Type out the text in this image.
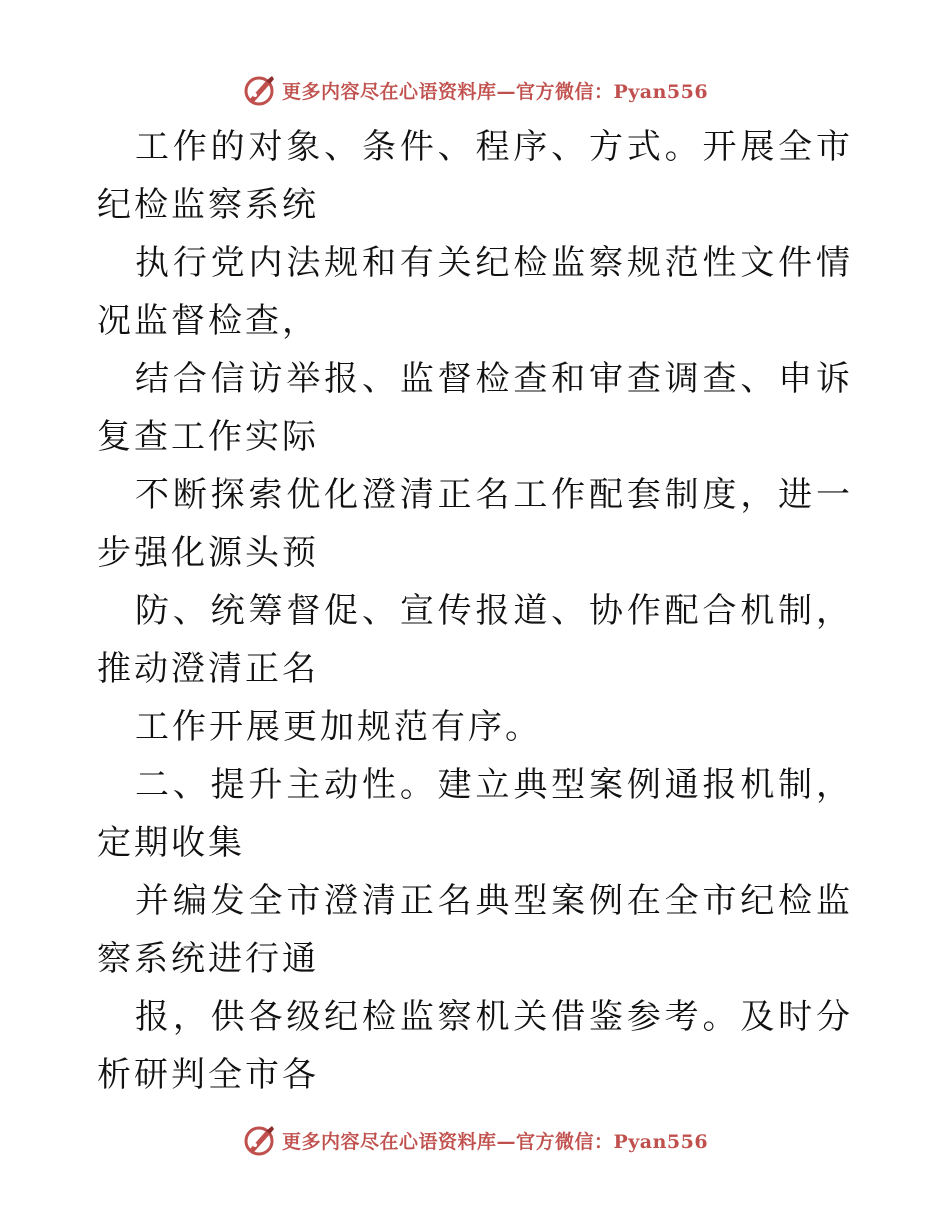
更多内容尽在心语资料库—官方微信：Pyan556

工作的对象、条件、程序、方式。开展全市纪检监察系统

执行党内法规和有关纪检监察规范性文件情况监督检查，

结合信访举报、监督检查和审查调查、申诉复查工作实际

不断探索优化澄清正名工作配套制度，进一步强化源头预

防、统筹督促、宣传报道、协作配合机制，推动澄清正名

工作开展更加规范有序。

二、提升主动性。建立典型案例通报机制，定期收集

并编发全市澄清正名典型案例在全市纪检监察系统进行通

报，供各级纪检监察机关借鉴参考。及时分析研判全市各

更多内容尽在心语资料库—官方微信：Pyan556
